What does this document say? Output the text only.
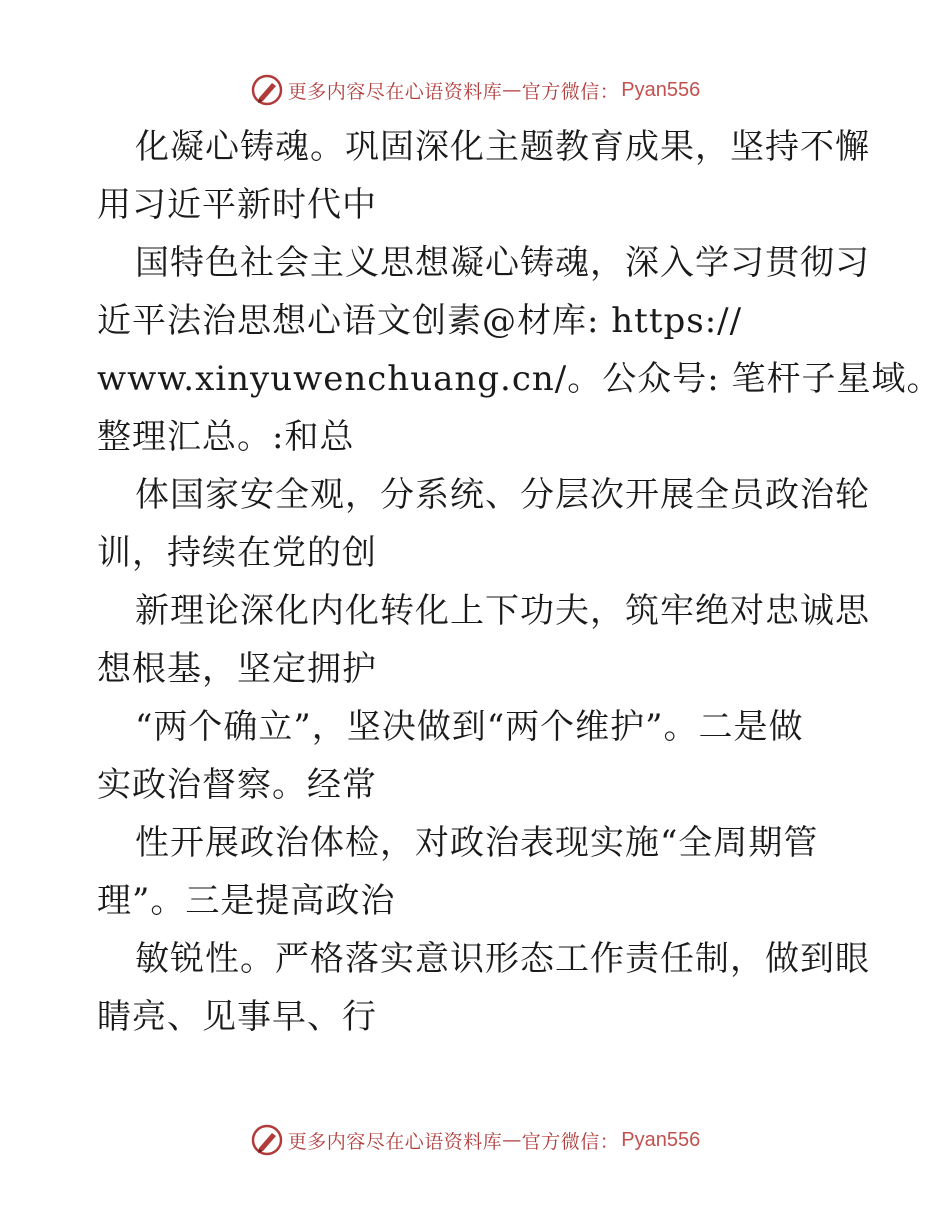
更多内容尽在心语资料库 — 官方微信： Pyan556
化凝心铸魂。巩固深化主题教育成果，坚持不懈
用习近平新时代中
国特色社会主义思想凝心铸魂，深入学习贯彻习
近平法治思想心语文创素@材库: https://
www.xinyuwenchuang.cn/。公众号: 笔杆子星域。
整理汇总。:和总
体国家安全观，分系统、分层次开展全员政治轮
训，持续在党的创
新理论深化内化转化上下功夫，筑牢绝对忠诚思
想根基，坚定拥护
“两个确立”，坚决做到“两个维护”。二是做
实政治督察。经常
性开展政治体检，对政治表现实施“全周期管
理”。三是提高政治
敏锐性。严格落实意识形态工作责任制，做到眼
睛亮、见事早、行
更多内容尽在心语资料库 — 官方微信： Pyan556
